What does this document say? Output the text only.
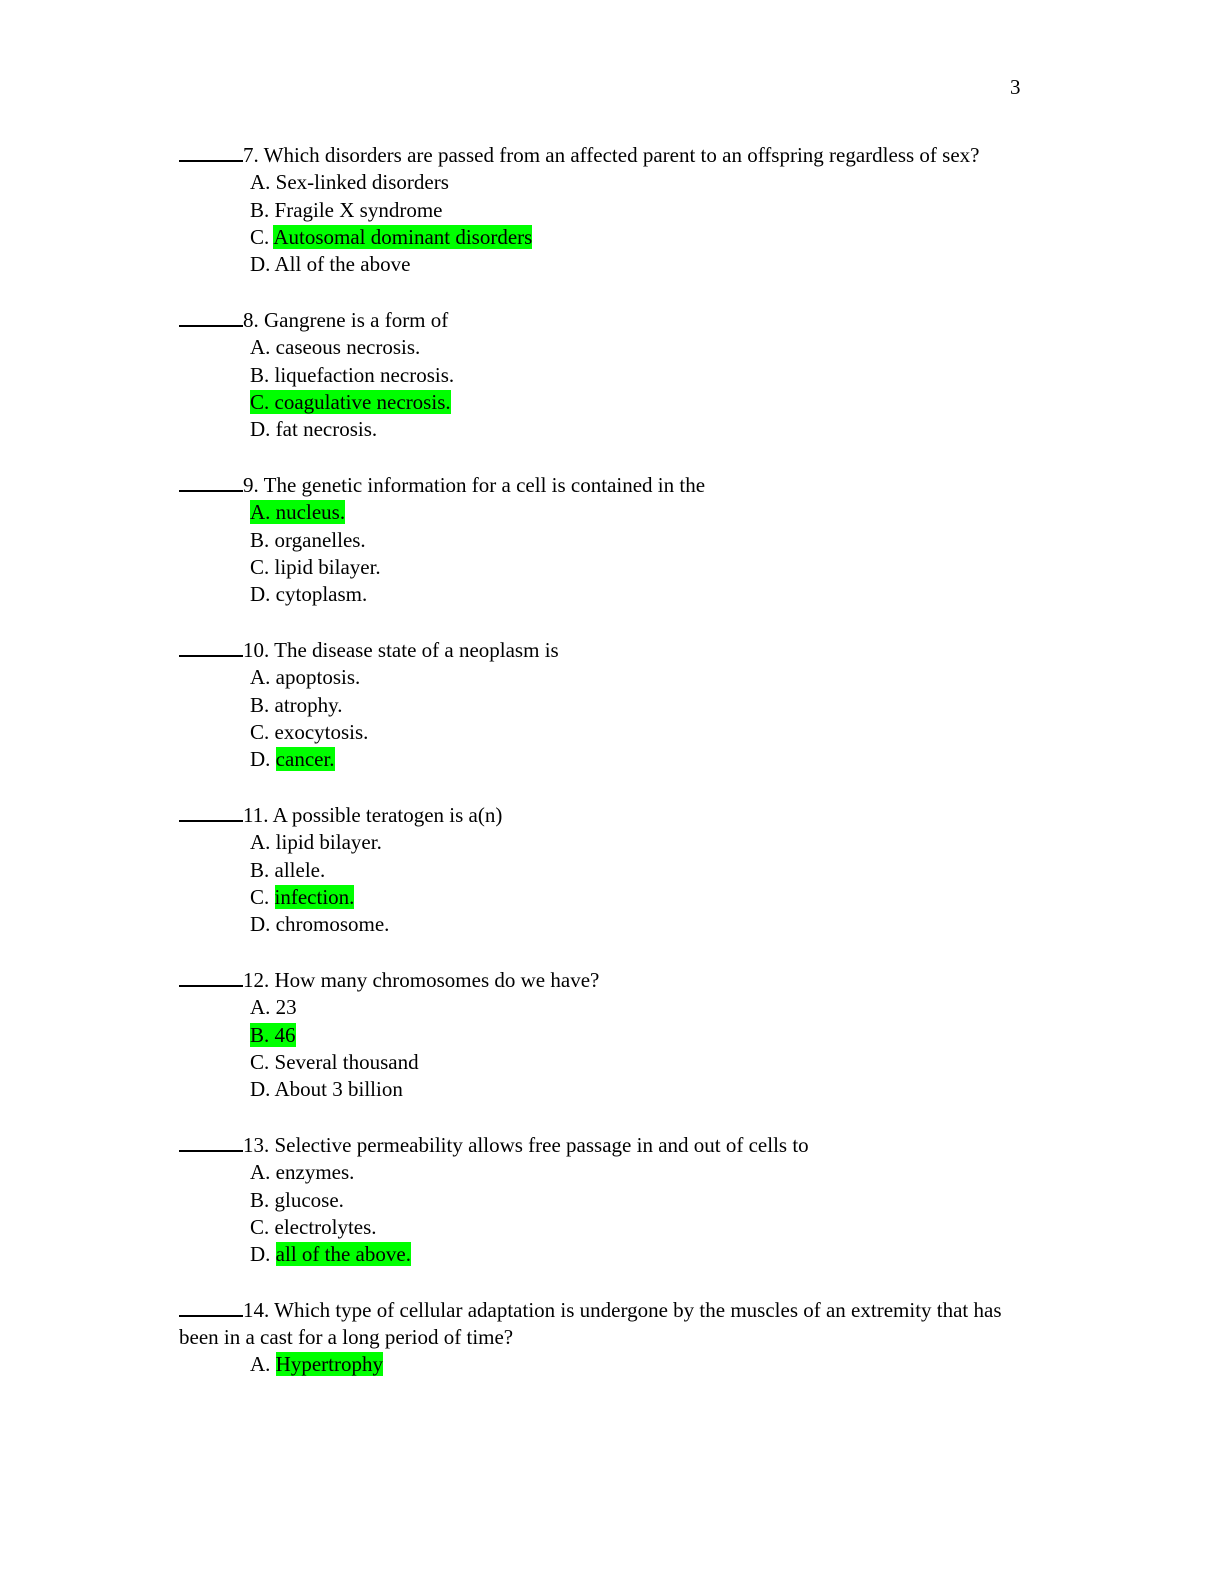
3
7. Which disorders are passed from an affected parent to an offspring regardless of sex?
A. Sex-linked disorders
B. Fragile X syndrome
C. Autosomal dominant disorders
D. All of the above
8. Gangrene is a form of
A. caseous necrosis.
B. liquefaction necrosis.
C. coagulative necrosis.
D. fat necrosis.
9. The genetic information for a cell is contained in the
A. nucleus.
B. organelles.
C. lipid bilayer.
D. cytoplasm.
10. The disease state of a neoplasm is
A. apoptosis.
B. atrophy.
C. exocytosis.
D. cancer.
11. A possible teratogen is a(n)
A. lipid bilayer.
B. allele.
C. infection.
D. chromosome.
12. How many chromosomes do we have?
A. 23
B. 46
C. Several thousand
D. About 3 billion
13. Selective permeability allows free passage in and out of cells to
A. enzymes.
B. glucose.
C. electrolytes.
D. all of the above.
14. Which type of cellular adaptation is undergone by the muscles of an extremity that has been in a cast for a long period of time?
A. Hypertrophy
